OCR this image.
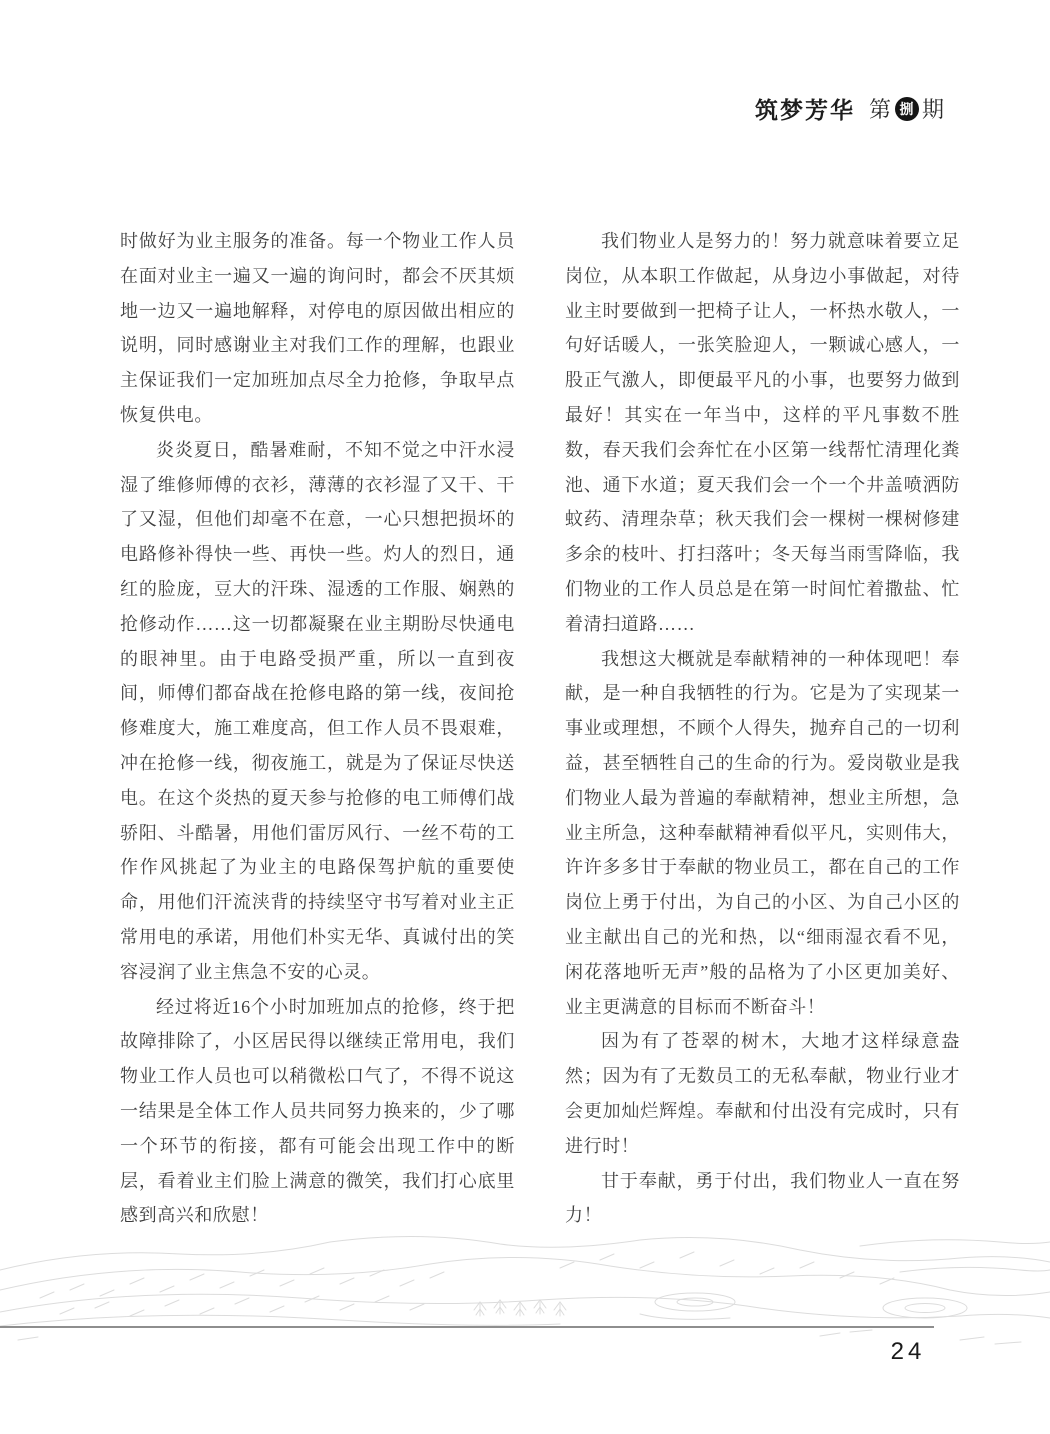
筑梦芳华 第 捌 期

时做好为业主服务的准备。每一个物业工作人员在面对业主一遍又一遍的询问时，都会不厌其烦地一边又一遍地解释，对停电的原因做出相应的说明，同时感谢业主对我们工作的理解，也跟业主保证我们一定加班加点尽全力抢修，争取早点恢复供电。

炎炎夏日，酷暑难耐，不知不觉之中汗水浸湿了维修师傅的衣衫，薄薄的衣衫湿了又干、干了又湿，但他们却毫不在意，一心只想把损坏的电路修补得快一些、再快一些。灼人的烈日，通红的脸庞，豆大的汗珠、湿透的工作服、娴熟的抢修动作……这一切都凝聚在业主期盼尽快通电的眼神里。由于电路受损严重，所以一直到夜间，师傅们都奋战在抢修电路的第一线，夜间抢修难度大，施工难度高，但工作人员不畏艰难，冲在抢修一线，彻夜施工，就是为了保证尽快送电。在这个炎热的夏天参与抢修的电工师傅们战骄阳、斗酷暑，用他们雷厉风行、一丝不苟的工作作风挑起了为业主的电路保驾护航的重要使命，用他们汗流浃背的持续坚守书写着对业主正常用电的承诺，用他们朴实无华、真诚付出的笑容浸润了业主焦急不安的心灵。

经过将近16个小时加班加点的抢修，终于把故障排除了，小区居民得以继续正常用电，我们物业工作人员也可以稍微松口气了，不得不说这一结果是全体工作人员共同努力换来的，少了哪一个环节的衔接，都有可能会出现工作中的断层，看着业主们脸上满意的微笑，我们打心底里感到高兴和欣慰！

我们物业人是努力的！努力就意味着要立足岗位，从本职工作做起，从身边小事做起，对待业主时要做到一把椅子让人，一杯热水敬人，一句好话暖人，一张笑脸迎人，一颗诚心感人，一股正气激人，即便最平凡的小事，也要努力做到最好！其实在一年当中，这样的平凡事数不胜数，春天我们会奔忙在小区第一线帮忙清理化粪池、通下水道；夏天我们会一个一个井盖喷洒防蚊药、清理杂草；秋天我们会一棵树一棵树修建多余的枝叶、打扫落叶；冬天每当雨雪降临，我们物业的工作人员总是在第一时间忙着撒盐、忙着清扫道路……

我想这大概就是奉献精神的一种体现吧！奉献，是一种自我牺牲的行为。它是为了实现某一事业或理想，不顾个人得失，抛弃自己的一切利益，甚至牺牲自己的生命的行为。爱岗敬业是我们物业人最为普遍的奉献精神，想业主所想，急业主所急，这种奉献精神看似平凡，实则伟大，许许多多甘于奉献的物业员工，都在自己的工作岗位上勇于付出，为自己的小区、为自己小区的业主献出自己的光和热，以“细雨湿衣看不见，闲花落地听无声”般的品格为了小区更加美好、业主更满意的目标而不断奋斗！

因为有了苍翠的树木，大地才这样绿意盎然；因为有了无数员工的无私奉献，物业行业才会更加灿烂辉煌。奉献和付出没有完成时，只有进行时！

甘于奉献，勇于付出，我们物业人一直在努力！

24
